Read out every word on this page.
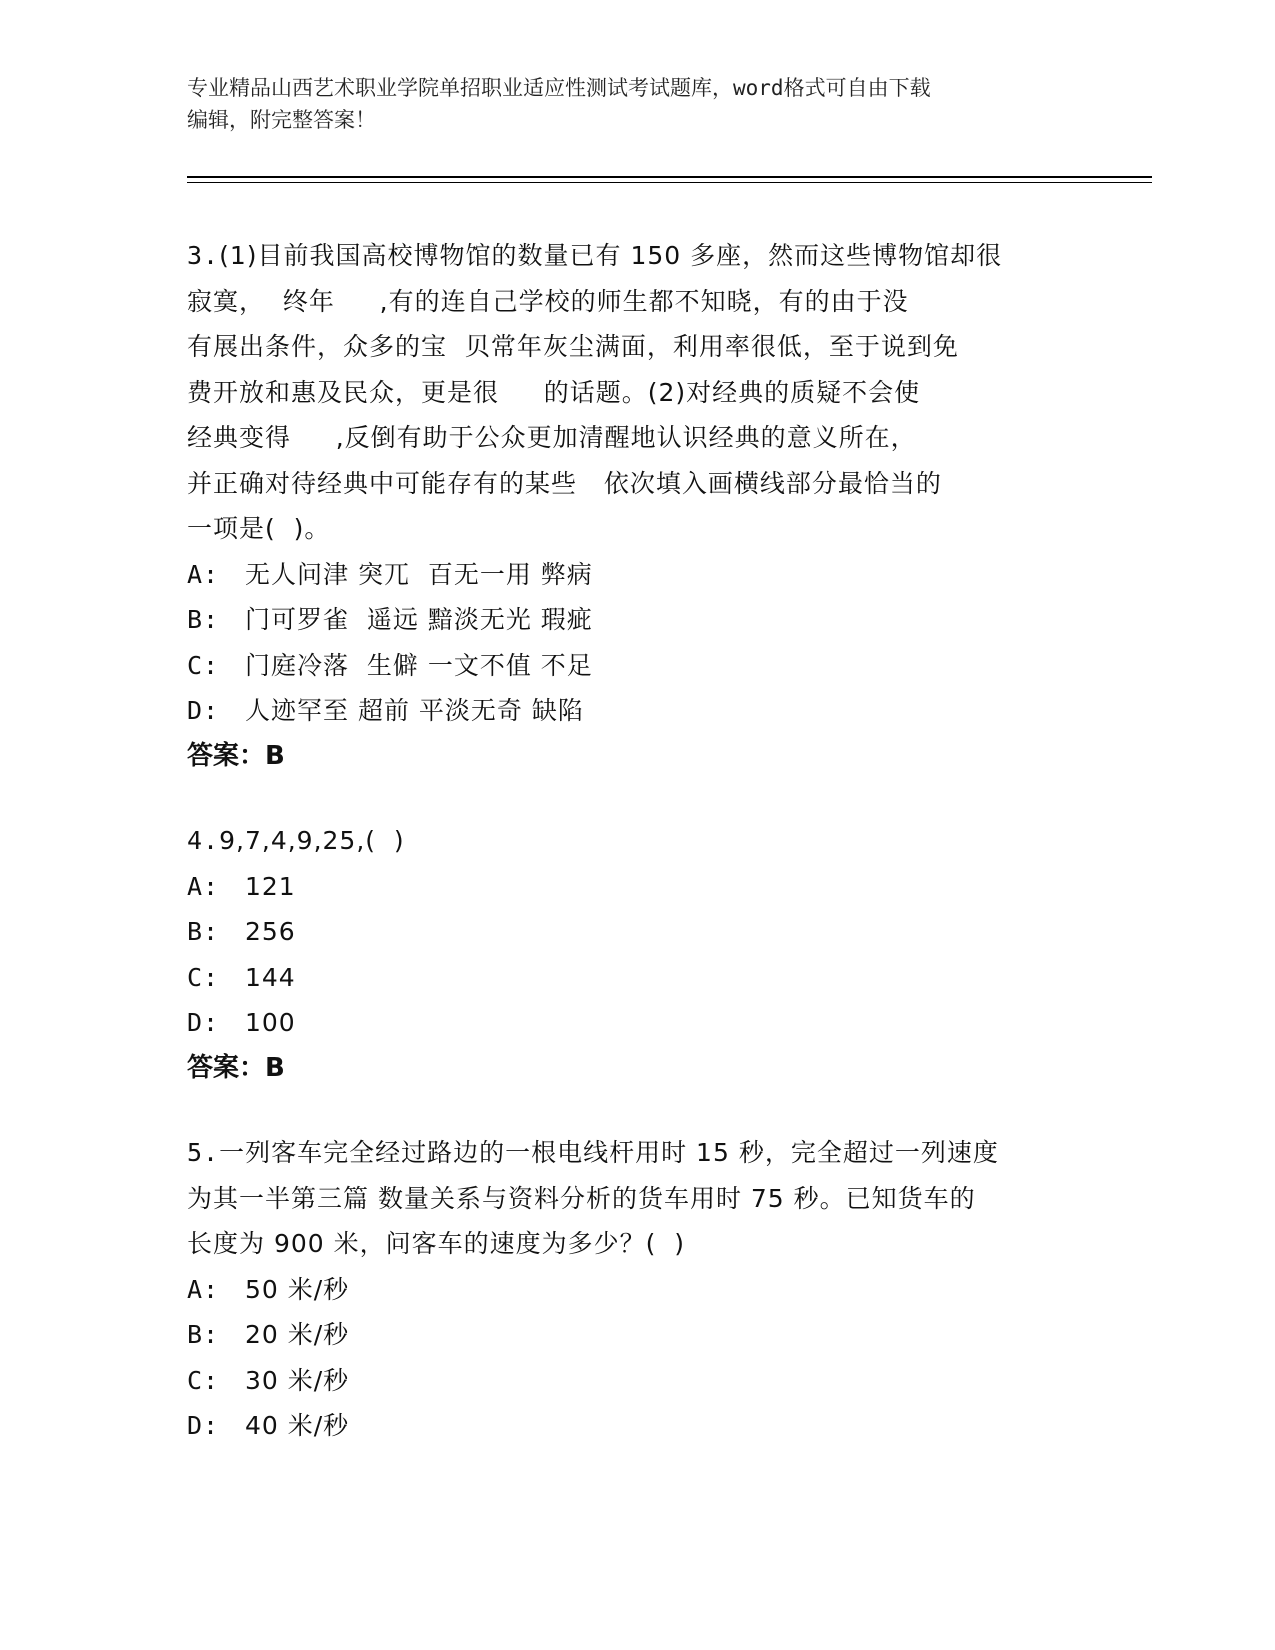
专业精品山西艺术职业学院单招职业适应性测试考试题库，word格式可自由下载
编辑，附完整答案！
3.(1)目前我国高校博物馆的数量已有 150 多座，然而这些博物馆却很
寂寞，  终年     ,有的连自己学校的师生都不知晓，有的由于没
有展出条件，众多的宝  贝常年灰尘满面，利用率很低，至于说到免
费开放和惠及民众，更是很     的话题。(2)对经典的质疑不会使
经典变得     ,反倒有助于公众更加清醒地认识经典的意义所在，
并正确对待经典中可能存有的某些   依次填入画横线部分最恰当的
一项是(  )。
A: 无人问津 突兀  百无一用 弊病
B: 门可罗雀  遥远 黯淡无光 瑕疵
C: 门庭冷落  生僻 一文不值 不足
D: 人迹罕至 超前 平淡无奇 缺陷
答案：B
4.9,7,4,9,25,(  )
A: 121
B: 256
C: 144
D: 100
答案：B
5.一列客车完全经过路边的一根电线杆用时 15 秒，完全超过一列速度
为其一半第三篇 数量关系与资料分析的货车用时 75 秒。已知货车的
长度为 900 米，问客车的速度为多少？(  )
A: 50 米/秒
B: 20 米/秒
C: 30 米/秒
D: 40 米/秒
